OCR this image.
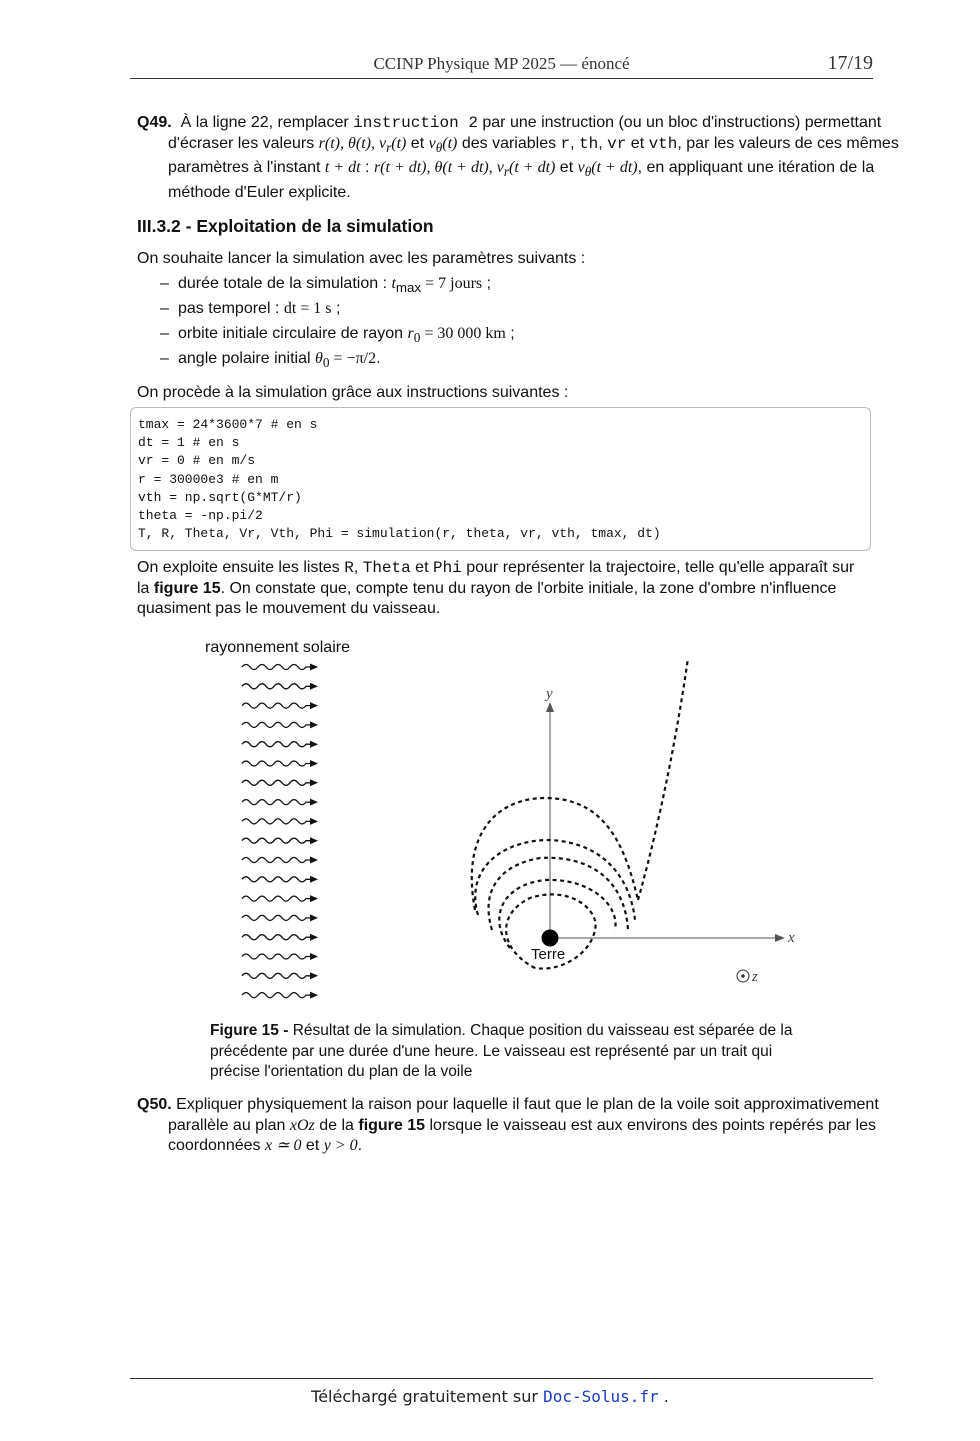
CCINP Physique MP 2025 — énoncé	17/19
Q49. À la ligne 22, remplacer instruction 2 par une instruction (ou un bloc d'instructions) permettant d'écraser les valeurs r(t), θ(t), $v_r(t)$ et $v_\theta(t)$ des variables r, th, vr et vth, par les valeurs de ces mêmes paramètres à l'instant t + dt : r(t + dt), θ(t + dt), $v_r(t + dt)$ et $v_\theta(t + dt)$, en appliquant une itération de la méthode d'Euler explicite.
III.3.2 - Exploitation de la simulation
On souhaite lancer la simulation avec les paramètres suivants :
– durée totale de la simulation : $t_{max} = 7$ jours ;
– pas temporel : dt = 1 s ;
– orbite initiale circulaire de rayon $r_0 = 30$ 000 km ;
– angle polaire initial $\theta_0 = -\pi/2$.
On procède à la simulation grâce aux instructions suivantes :
tmax = 24*3600*7 # en s
dt = 1 # en s
vr = 0 # en m/s
r = 30000e3 # en m
vth = np.sqrt(G*MT/r)
theta = -np.pi/2
T, R, Theta, Vr, Vth, Phi = simulation(r, theta, vr, vth, tmax, dt)
On exploite ensuite les listes R, Theta et Phi pour représenter la trajectoire, telle qu'elle apparaît sur la figure 15. On constate que, compte tenu du rayon de l'orbite initiale, la zone d'ombre n'influence quasiment pas le mouvement du vaisseau.
rayonnement solaire
y
x
Terre
z
Figure 15 - Résultat de la simulation. Chaque position du vaisseau est séparée de la précédente par une durée d'une heure. Le vaisseau est représenté par un trait qui précise l'orientation du plan de la voile
Q50. Expliquer physiquement la raison pour laquelle il faut que le plan de la voile soit approximativement parallèle au plan xOz de la figure 15 lorsque le vaisseau est aux environs des points repérés par les coordonnées x ≃ 0 et y > 0.
Téléchargé gratuitement sur Doc-Solus.fr .
